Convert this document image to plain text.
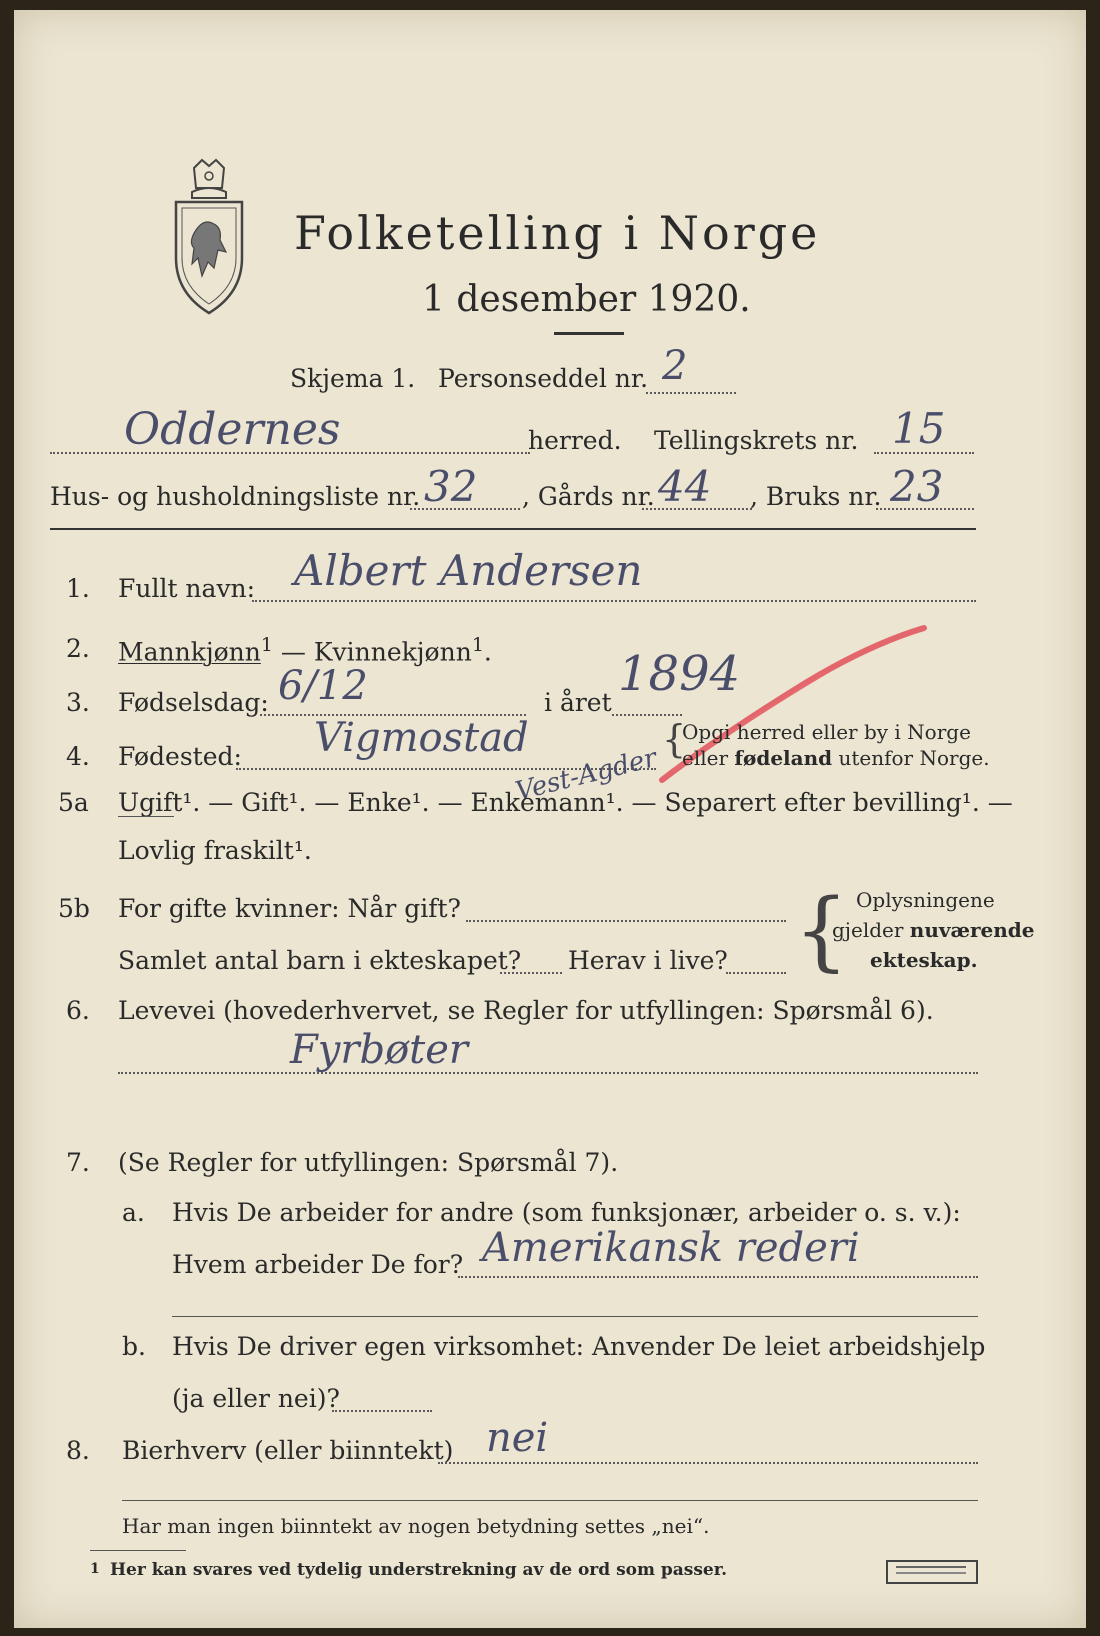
Folketelling i Norge
1 desember 1920.
Skjema 1. Personseddel nr. 2
Oddernes	herred. Tellingskrets nr. 15
Hus- og husholdningsliste nr. 32 , Gårds nr. 44 , Bruks nr. 23
1. Fullt navn: Albert Andersen
2. Mannkjønn$^1$ — Kvinnekjønn$^1$.
3. Fødselsdag: 6/12	i året
1894
4. Fødested: Vigmostad
Vest-Agder
{
Opgi herred eller by i Norge
eller fødeland utenfor Norge.
5a Ugift¹. — Gift¹. — Enke¹. — Enkemann¹. — Separert efter bevilling¹. —
Lovlig fraskilt¹.
5b For gifte kvinner: Når gift?
Samlet antal barn i ekteskapet? Herav i live? { Oplysningene
gjelder nuværende
ekteskap.
6. Levevei (hovederhvervet, se Regler for utfyllingen: Spørsmål 6).
Fyrbøter
7. (Se Regler for utfyllingen: Spørsmål 7).
a. Hvis De arbeider for andre (som funksjonær, arbeider o. s. v.):
Hvem arbeider De for? Amerikansk rederi
b. Hvis De driver egen virksomhet: Anvender De leiet arbeidshjelp
(ja eller nei)?
8. Bierhverv (eller biinntekt) nei
Har man ingen biinntekt av nogen betydning settes „nei“.
1 Her kan svares ved tydelig understrekning av de ord som passer.
